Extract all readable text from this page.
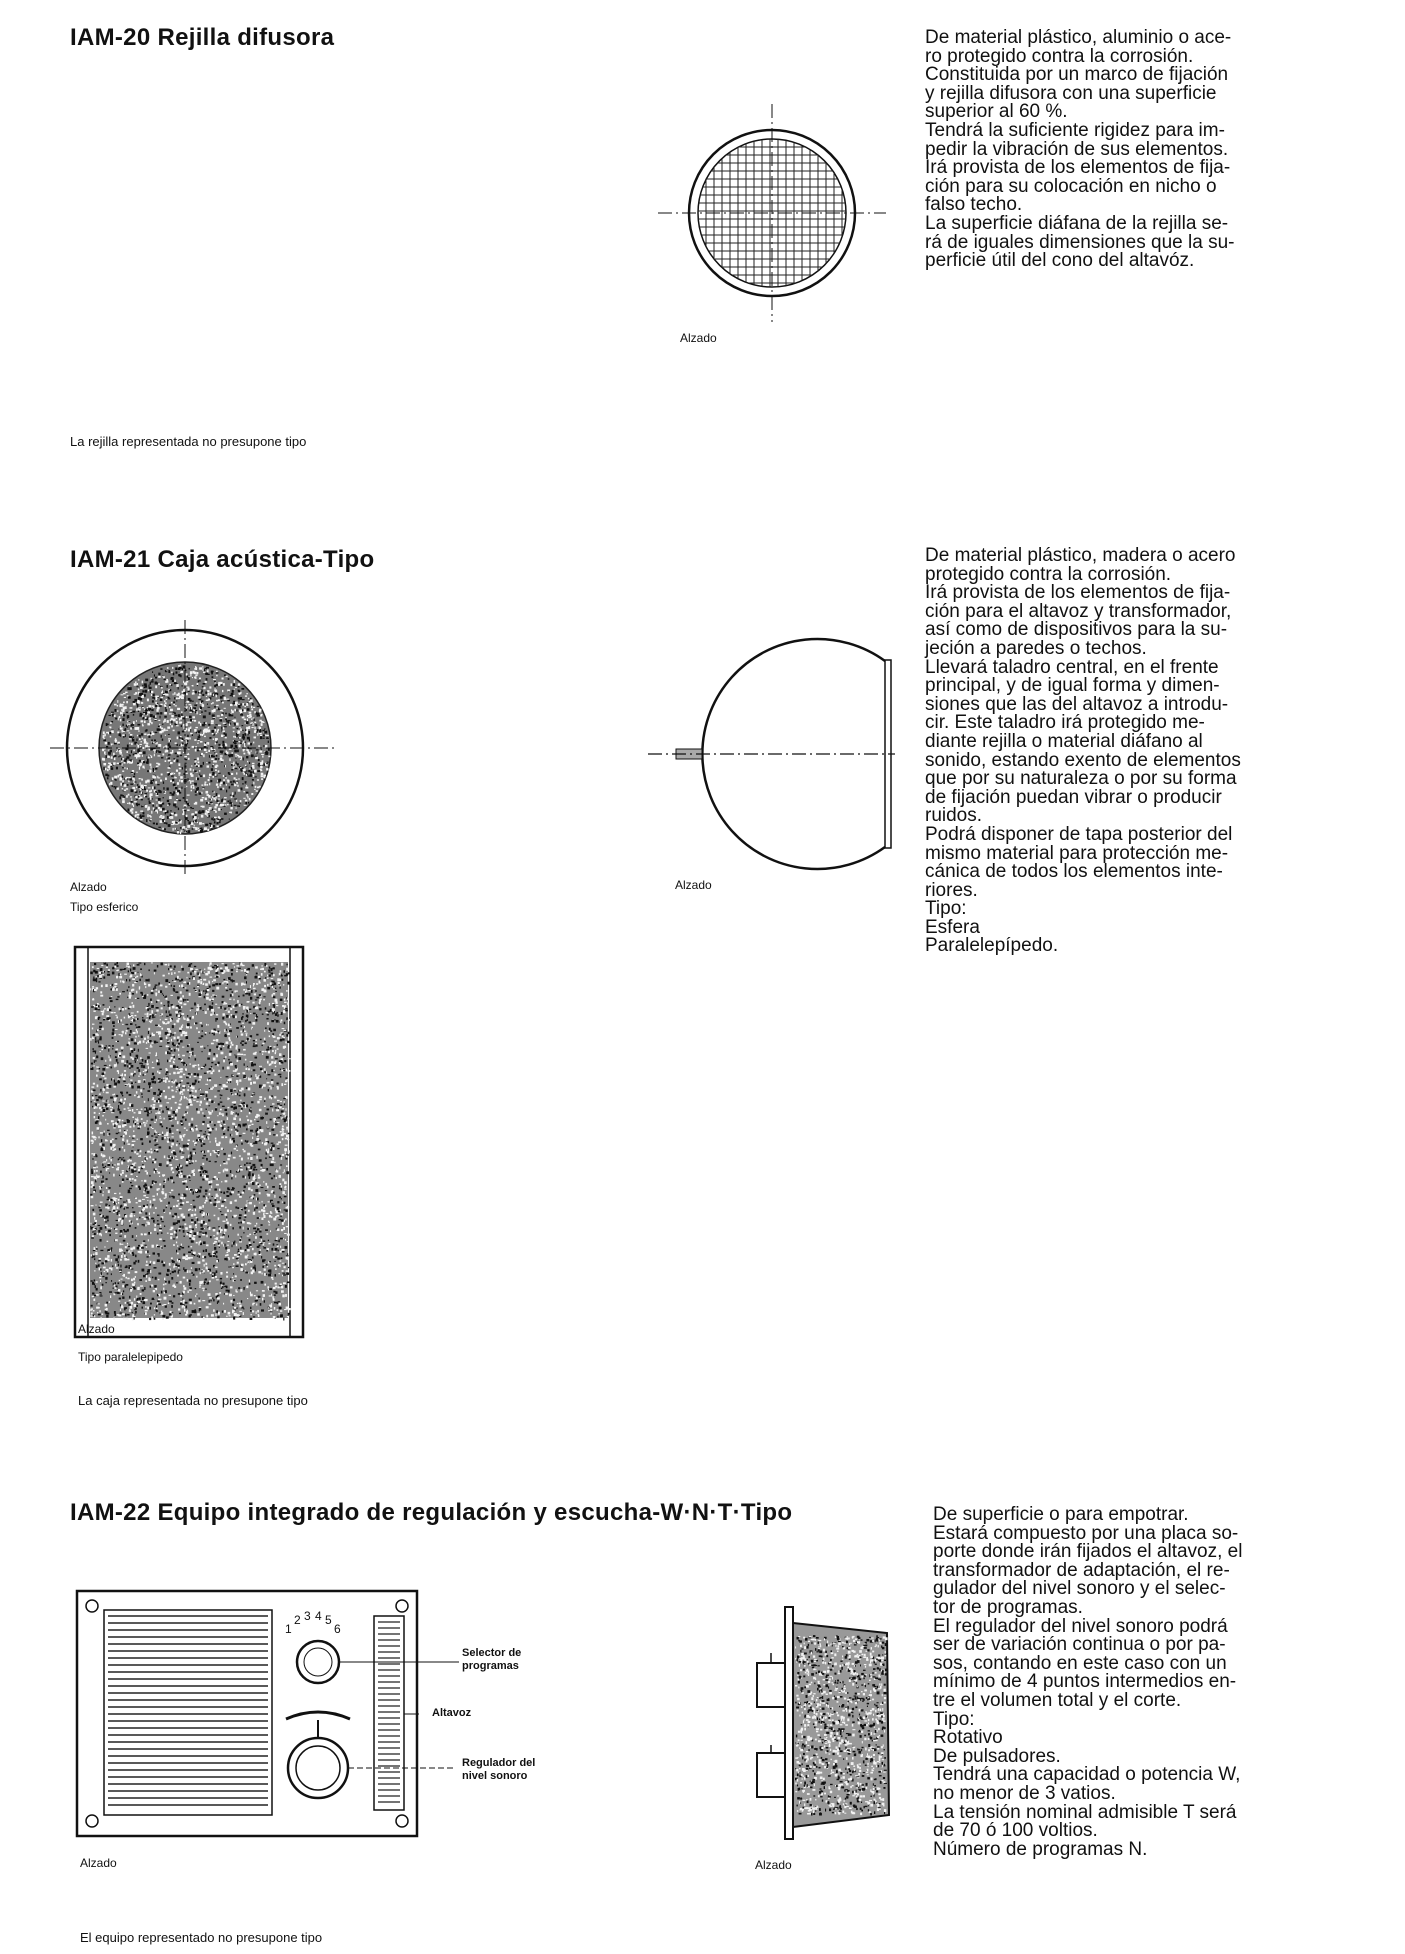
IAM-20 Rejilla difusora	De material plástico, aluminio o ace-
ro protegido contra la corrosión.
Constituida por un marco de fijación
y rejilla difusora con una superficie
superior al 60 %.
Tendrá la suficiente rigidez para im-
pedir la vibración de sus elementos.
Irá provista de los elementos de fija-
ción para su colocación en nicho o
falso techo.
La superficie diáfana de la rejilla se-
rá de iguales dimensiones que la su-
perficie útil del cono del altavóz.
Alzado
La rejilla representada no presupone tipo
IAM-21 Caja acústica-Tipo	De material plástico, madera o acero
protegido contra la corrosión.
Irá provista de los elementos de fija-
ción para el altavoz y transformador,
así como de dispositivos para la su-
jeción a paredes o techos.
Llevará taladro central, en el frente
principal, y de igual forma y dimen-
siones que las del altavoz a introdu-
cir. Este taladro irá protegido me-
diante rejilla o material diáfano al
sonido, estando exento de elementos
que por su naturaleza o por su forma
de fijación puedan vibrar o producir
ruidos.
Podrá disponer de tapa posterior del
mismo material para protección me-
cánica de todos los elementos inte-
riores.
Tipo:
Esfera
Paralelepípedo.
Alzado
Tipo esferico
Alzado
Alzado
Tipo paralelepipedo
La caja representada no presupone tipo
IAM-22 Equipo integrado de regulación y escucha-W·N·T·Tipo	De superficie o para empotrar.
Estará compuesto por una placa so-
porte donde irán fijados el altavoz, el
transformador de adaptación, el re-
gulador del nivel sonoro y el selec-
tor de programas.
El regulador del nivel sonoro podrá
ser de variación continua o por pa-
sos, contando en este caso con un
mínimo de 4 puntos intermedios en-
tre el volumen total y el corte.
Tipo:
Rotativo
De pulsadores.
Tendrá una capacidad o potencia W,
no menor de 3 vatios.
La tensión nominal admisible T será
de 70 ó 100 voltios.
Número de programas N.
1
2 3 4 5
6
Selector de
programas
Altavoz
Regulador del
nivel sonoro
Alzado	Alzado
El equipo representado no presupone tipo
